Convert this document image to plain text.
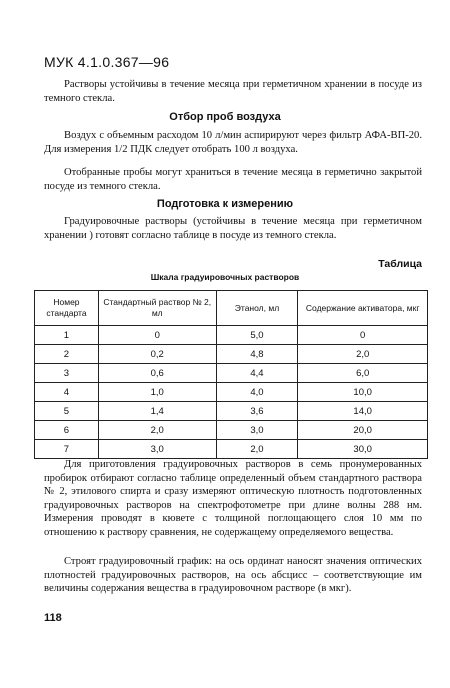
МУК 4.1.0.367—96
Растворы устойчивы в течение месяца при герметичном хранении в посуде из темного стекла.
Отбор проб воздуха
Воздух с объемным расходом 10 л/мин аспирируют через фильтр АФА-ВП-20. Для измерения 1/2 ПДК следует отобрать 100 л воздуха.
Отобранные пробы могут храниться в течение месяца в герметично закрытой посуде из темного стекла.
Подготовка к измерению
Градуировочные растворы (устойчивы в течение месяца при герметичном хранении ) готовят согласно таблице в посуде из темного стекла.
Таблица
Шкала градуировочных растворов
Номер стандарта	Стандартный раствор № 2, мл	Этанол, мл	Содержание активатора, мкг
1	0	5,0	0
2	0,2	4,8	2,0
3	0,6	4,4	6,0
4	1,0	4,0	10,0
5	1,4	3,6	14,0
6	2,0	3,0	20,0
7	3,0	2,0	30,0
Для приготовления градуировочных растворов в семь пронумерованных пробирок отбирают согласно таблице определенный объем стандартного раствора № 2, этилового спирта и сразу измеряют оптическую плотность подготовленных градуировочных растворов на спектрофотометре при длине волны 288 нм. Измерения проводят в кювете с толщиной поглощающего слоя 10 мм по отношению к раствору сравнения, не содержащему определяемого вещества.
Строят градуировочный график: на ось ординат наносят значения оптических плотностей градуировочных растворов, на ось абсцисс – соответствующие им величины содержания вещества в градуировочном растворе (в мкг).
118
